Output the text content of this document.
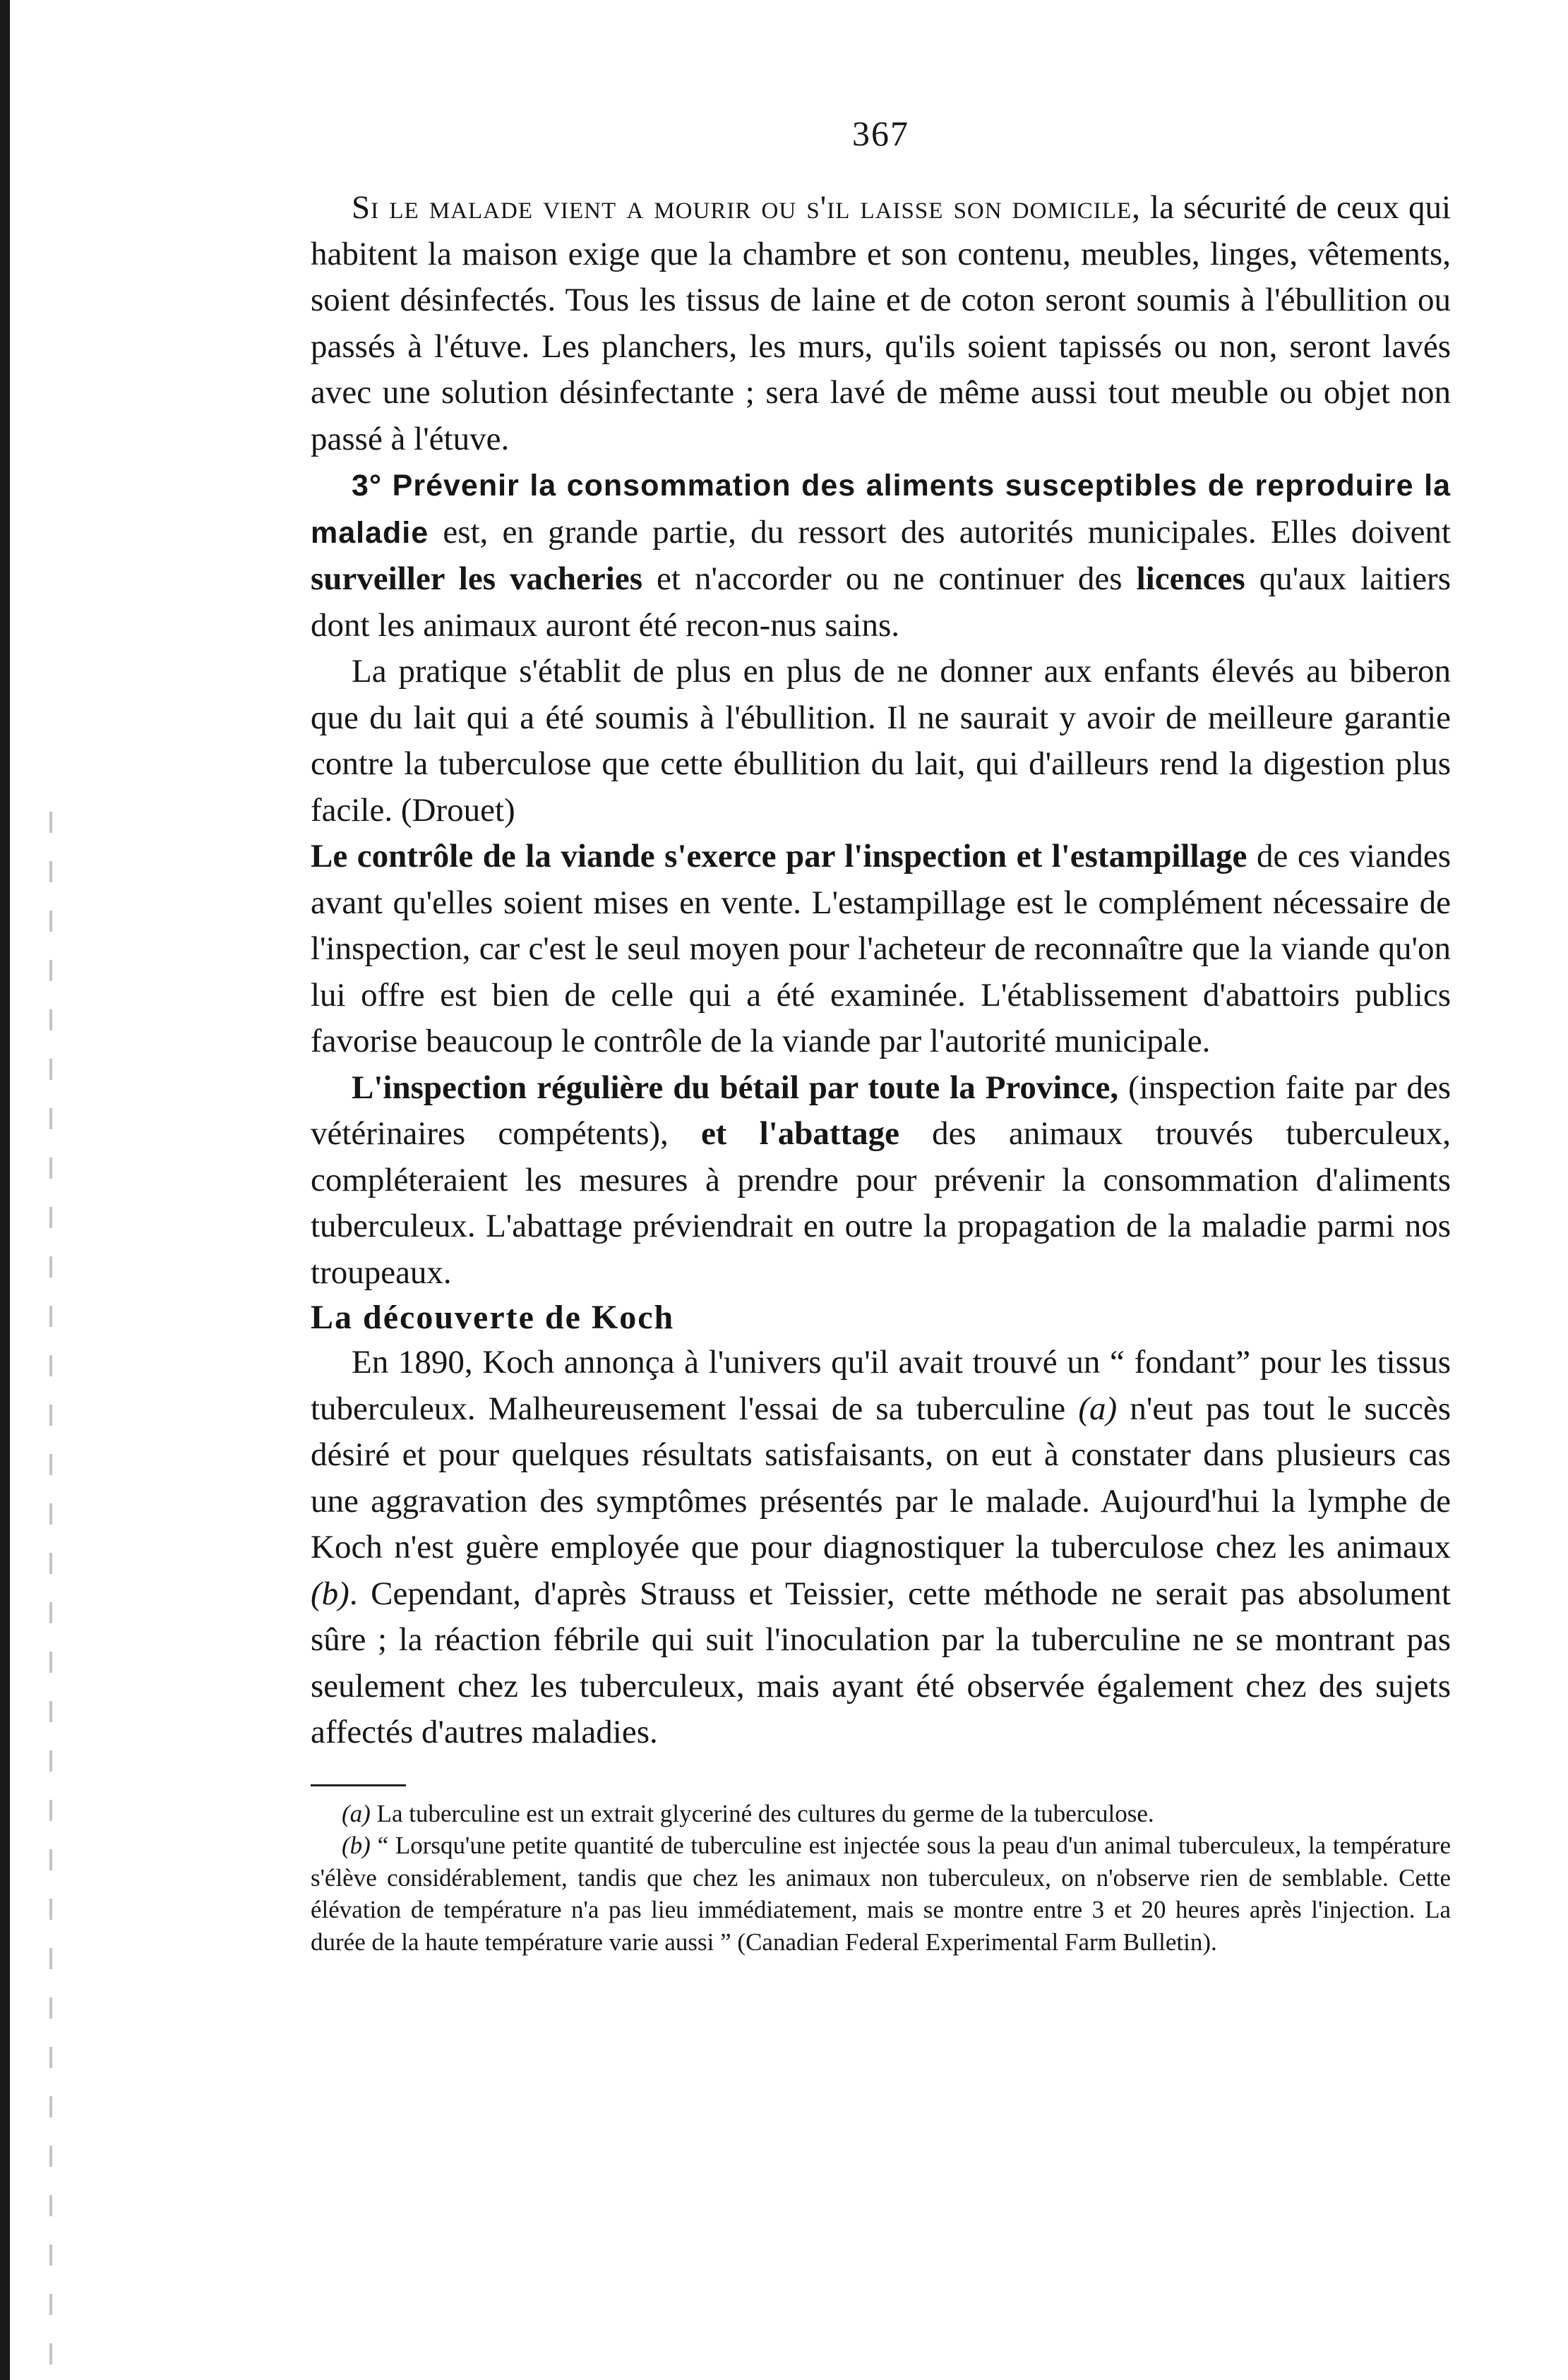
367

Si le malade vient a mourir ou s'il laisse son domicile, la sécurité de ceux qui habitent la maison exige que la chambre et son contenu, meubles, linges, vêtements, soient désinfectés. Tous les tissus de laine et de coton seront soumis à l'ébullition ou passés à l'étuve. Les planchers, les murs, qu'ils soient tapissés ou non, seront lavés avec une solution désinfectante ; sera lavé de même aussi tout meuble ou objet non passé à l'étuve.

3° Prévenir la consommation des aliments susceptibles de reproduire la maladie est, en grande partie, du ressort des autorités municipales. Elles doivent surveiller les vacheries et n'accorder ou ne continuer des licences qu'aux laitiers dont les animaux auront été recon-nus sains.

La pratique s'établit de plus en plus de ne donner aux enfants élevés au biberon que du lait qui a été soumis à l'ébullition. Il ne saurait y avoir de meilleure garantie contre la tuberculose que cette ébullition du lait, qui d'ailleurs rend la digestion plus facile. (Drouet)

Le contrôle de la viande s'exerce par l'inspection et l'estampillage de ces viandes avant qu'elles soient mises en vente. L'estampillage est le complément nécessaire de l'inspection, car c'est le seul moyen pour l'acheteur de reconnaître que la viande qu'on lui offre est bien de celle qui a été examinée. L'établissement d'abattoirs publics favorise beaucoup le contrôle de la viande par l'autorité municipale.

L'inspection régulière du bétail par toute la Province, (inspection faite par des vétérinaires compétents), et l'abattage des animaux trouvés tuberculeux, compléteraient les mesures à prendre pour prévenir la consommation d'aliments tuberculeux. L'abattage préviendrait en outre la propagation de la maladie parmi nos troupeaux.

La découverte de Koch

En 1890, Koch annonça à l'univers qu'il avait trouvé un “ fondant” pour les tissus tuberculeux. Malheureusement l'essai de sa tuberculine (a) n'eut pas tout le succès désiré et pour quelques résultats satisfaisants, on eut à constater dans plusieurs cas une aggravation des symptômes présentés par le malade. Aujourd'hui la lymphe de Koch n'est guère employée que pour diagnostiquer la tuberculose chez les animaux (b). Cependant, d'après Strauss et Teissier, cette méthode ne serait pas absolument sûre ; la réaction fébrile qui suit l'inoculation par la tuberculine ne se montrant pas seulement chez les tuberculeux, mais ayant été observée également chez des sujets affectés d'autres maladies.

(a) La tuberculine est un extrait glyceriné des cultures du germe de la tuberculose.

(b) “ Lorsqu'une petite quantité de tuberculine est injectée sous la peau d'un animal tuberculeux, la température s'élève considérablement, tandis que chez les animaux non tuberculeux, on n'observe rien de semblable. Cette élévation de température n'a pas lieu immédiatement, mais se montre entre 3 et 20 heures après l'injection. La durée de la haute température varie aussi ” (Canadian Federal Experimental Farm Bulletin).
